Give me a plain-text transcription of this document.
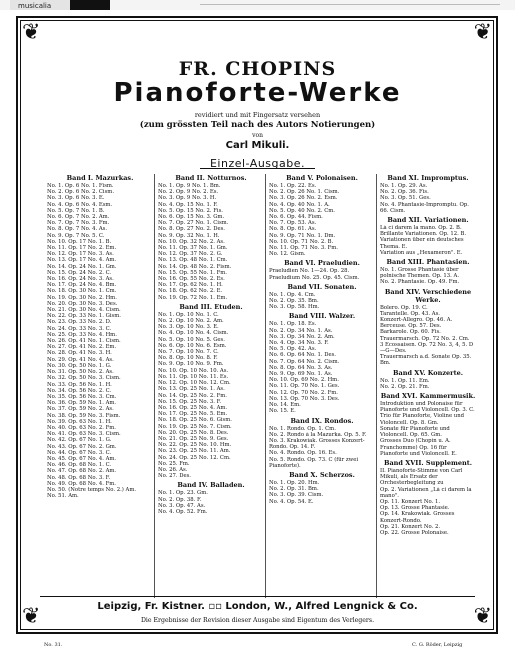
musicalia
❦	❦
❦	❦
FR. CHOPINS
Pianoforte-Werke
revidiert und mit Fingersatz versehen
(zum grössten Teil nach des Autors Notierungen)
von
Carl Mikuli.
Einzel-Ausgabe.
Band I. Mazurkas.
No. 1. Op. 6 No. 1. Fism.
No. 2. Op. 6 No. 2. Cism.
No. 3. Op. 6 No. 3. E.
No. 4. Op. 6 No. 4. Esm.
No. 5. Op. 7 No. 1. B.
No. 6. Op. 7 No. 2. Am.
No. 7. Op. 7 No. 3. Fm.
No. 8. Op. 7 No. 4. As.
No. 9. Op. 7 No. 5. C.
No. 10. Op. 17 No. 1. B.
No. 11. Op. 17 No. 2. Em.
No. 12. Op. 17 No. 3. As.
No. 13. Op. 17 No. 4. Am.
No. 14. Op. 24 No. 1. Gm.
No. 15. Op. 24 No. 2. C.
No. 16. Op. 24 No. 3. As.
No. 17. Op. 24 No. 4. Bm.
No. 18. Op. 30 No. 1. Cm.
No. 19. Op. 30 No. 2. Hm.
No. 20. Op. 30 No. 3. Des.
No. 21. Op. 30 No. 4. Cism.
No. 22. Op. 33 No. 1. Gism.
No. 23. Op. 33 No. 2. D.
No. 24. Op. 33 No. 3. C.
No. 25. Op. 33 No. 4. Hm.
No. 26. Op. 41 No. 1. Cism.
No. 27. Op. 41 No. 2. Em.
No. 28. Op. 41 No. 3. H.
No. 29. Op. 41 No. 4. As.
No. 30. Op. 50 No. 1. G.
No. 31. Op. 50 No. 2. As.
No. 32. Op. 50 No. 3. Cism.
No. 33. Op. 56 No. 1. H.
No. 34. Op. 56 No. 2. C.
No. 35. Op. 56 No. 3. Cm.
No. 36. Op. 59 No. 1. Am.
No. 37. Op. 59 No. 2. As.
No. 38. Op. 59 No. 3. Fism.
No. 39. Op. 63 No. 1. H.
No. 40. Op. 63 No. 2. Fm.
No. 41. Op. 63 No. 3. Cism.
No. 42. Op. 67 No. 1. G.
No. 43. Op. 67 No. 2. Gm.
No. 44. Op. 67 No. 3. C.
No. 45. Op. 67 No. 4. Am.
No. 46. Op. 68 No. 1. C.
No. 47. Op. 68 No. 2. Am.
No. 48. Op. 68 No. 3. F.
No. 49. Op. 68 No. 4. Fm.
No. 50. (Notre temps No. 2.) Am.
No. 51. Am.
Band II. Notturnos.
No. 1. Op. 9 No. 1. Bm.
No. 2. Op. 9 No. 2. Es.
No. 3. Op. 9 No. 3. H.
No. 4. Op. 15 No. 1. F.
No. 5. Op. 15 No. 2. Fis.
No. 6. Op. 15 No. 3. Gm.
No. 7. Op. 27 No. 1. Cism.
No. 8. Op. 27 No. 2. Des.
No. 9. Op. 32 No. 1. H.
No. 10. Op. 32 No. 2. As.
No. 11. Op. 37 No. 1. Gm.
No. 12. Op. 37 No. 2. G.
No. 13. Op. 48 No. 1. Cm.
No. 14. Op. 48 No. 2. Fism.
No. 15. Op. 55 No. 1. Fm.
No. 16. Op. 55 No. 2. Es.
No. 17. Op. 62 No. 1. H.
No. 18. Op. 62 No. 2. E.
No. 19. Op. 72 No. 1. Em.
Band III. Etuden.
No. 1. Op. 10 No. 1. C.
No. 2. Op. 10 No. 2. Am.
No. 3. Op. 10 No. 3. E.
No. 4. Op. 10 No. 4. Cism.
No. 5. Op. 10 No. 5. Ges.
No. 6. Op. 10 No. 6. Esm.
No. 7. Op. 10 No. 7. C.
No. 8. Op. 10 No. 8. F.
No. 9. Op. 10 No. 9. Fm.
No. 10. Op. 10 No. 10. As.
No. 11. Op. 10 No. 11. Es.
No. 12. Op. 10 No. 12. Cm.
No. 13. Op. 25 No. 1. As.
No. 14. Op. 25 No. 2. Fm.
No. 15. Op. 25 No. 3. F.
No. 16. Op. 25 No. 4. Am.
No. 17. Op. 25 No. 5. Em.
No. 18. Op. 25 No. 6. Gism.
No. 19. Op. 25 No. 7. Cism.
No. 20. Op. 25 No. 8. Des.
No. 21. Op. 25 No. 9. Ges.
No. 22. Op. 25 No. 10. Hm.
No. 23. Op. 25 No. 11. Am.
No. 24. Op. 25 No. 12. Cm.
No. 25. Fm.
No. 26. As.
No. 27. Des.
Band IV. Balladen.
No. 1. Op. 23. Gm.
No. 2. Op. 38. F.
No. 3. Op. 47. As.
No. 4. Op. 52. Fm.
Band V. Polonaisen.
No. 1. Op. 22. Es.
No. 2. Op. 26 No. 1. Cism.
No. 3. Op. 26 No. 2. Esm.
No. 4. Op. 40 No. 1. A.
No. 5. Op. 40 No. 2. Cm.
No. 6. Op. 44. Fism.
No. 7. Op. 53. As.
No. 8. Op. 61. As.
No. 9. Op. 71 No. 1. Dm.
No. 10. Op. 71 No. 2. B.
No. 11. Op. 71 No. 3. Fm.
No. 12. Gism.
Band VI. Praeludien.
Praeludien No. 1—24. Op. 28.
Praeludium No. 25. Op. 45. Cism.
Band VII. Sonaten.
No. 1. Op. 4. Cm.
No. 2. Op. 35. Bm.
No. 3. Op. 58. Hm.
Band VIII. Walzer.
No. 1. Op. 18. Es.
No. 2. Op. 34 No. 1. As.
No. 3. Op. 34 No. 2. Am.
No. 4. Op. 34 No. 3. F.
No. 5. Op. 42. As.
No. 6. Op. 64 No. 1. Des.
No. 7. Op. 64 No. 2. Cism.
No. 8. Op. 64 No. 3. As.
No. 9. Op. 69 No. 1. As.
No. 10. Op. 69 No. 2. Hm.
No. 11. Op. 70 No. 1. Ges.
No. 12. Op. 70 No. 2. Fm.
No. 13. Op. 70 No. 3. Des.
No. 14. Em.
No. 15. E.
Band IX. Rondos.
No. 1. Rondo. Op. 1. Cm.
No. 2. Rondo à la Mazurka. Op. 5. F.
No. 3. Krakowiak. Grosses Konzert-Rondo. Op. 14. F.
No. 4. Rondo. Op. 16. Es.
No. 5. Rondo. Op. 73. C (für zwei Pianoforte).
Band X. Scherzos.
No. 1. Op. 20. Hm.
No. 2. Op. 31. Bm.
No. 3. Op. 39. Cism.
No. 4. Op. 54. E.
Band XI. Impromptus.
No. 1. Op. 29. As.
No. 2. Op. 36. Fis.
No. 3. Op. 51. Ges.
No. 4. Phantasie-Impromptu. Op. 66. Cism.
Band XII. Variationen.
Là ci darem la mano. Op. 2. B.
Brillante Variationen. Op. 12. B.
Variationen über ein deutsches Thema. E.
Variation aus „Hexameron". E.
Band XIII. Phantasien.
No. 1. Grosse Phantasie über polnische Themen. Op. 13. A.
No. 2. Phantasie. Op. 49. Fm.
Band XIV. Verschiedene Werke.
Bolero. Op. 19. C.
Tarantelle. Op. 43. As.
Konzert-Allegro. Op. 46. A.
Berceuse. Op. 57. Des.
Barkarole. Op. 60. Fis.
Trauermarsch. Op. 72 No. 2. Cm.
3 Ecossaisen. Op. 72 No. 3, 4, 5. D—G—Des.
Trauermarsch a.d. Sonate Op. 35. Bm.
Band XV. Konzerte.
No. 1. Op. 11. Em.
No. 2. Op. 21. Fm.
Band XVI. Kammermusik.
Introduktion und Polonaise für Pianoforte und Violoncell. Op. 3. C.
Trio für Pianoforte, Violine und Violoncell. Op. 8. Gm.
Sonate für Pianoforte und Violoncell. Op. 65. Gm.
Grosses Duo (Chopin u. A. Franchomme) Op. 16 für Pianoforte und Violoncell. E.
Band XVII. Supplement.
II. Pianoforte-Stimme von Carl Mikuli, als Ersatz der Orchesterbegleitung zu
Op. 2. Variationen „Là ci darem la mano".
Op. 11. Konzert No. 1.
Op. 13. Grosse Phantasie.
Op. 14. Krakowiak. Grosses Konzert-Rondo.
Op. 21. Konzert No. 2.
Op. 22. Grosse Polonaise.
Leipzig, Fr. Kistner. ▫▫ London, W., Alfred Lengnick & Co.
Die Ergebnisse der Revision dieser Ausgabe sind Eigentum des Verlegers.
No. 31.	C. G. Röder, Leipzig
